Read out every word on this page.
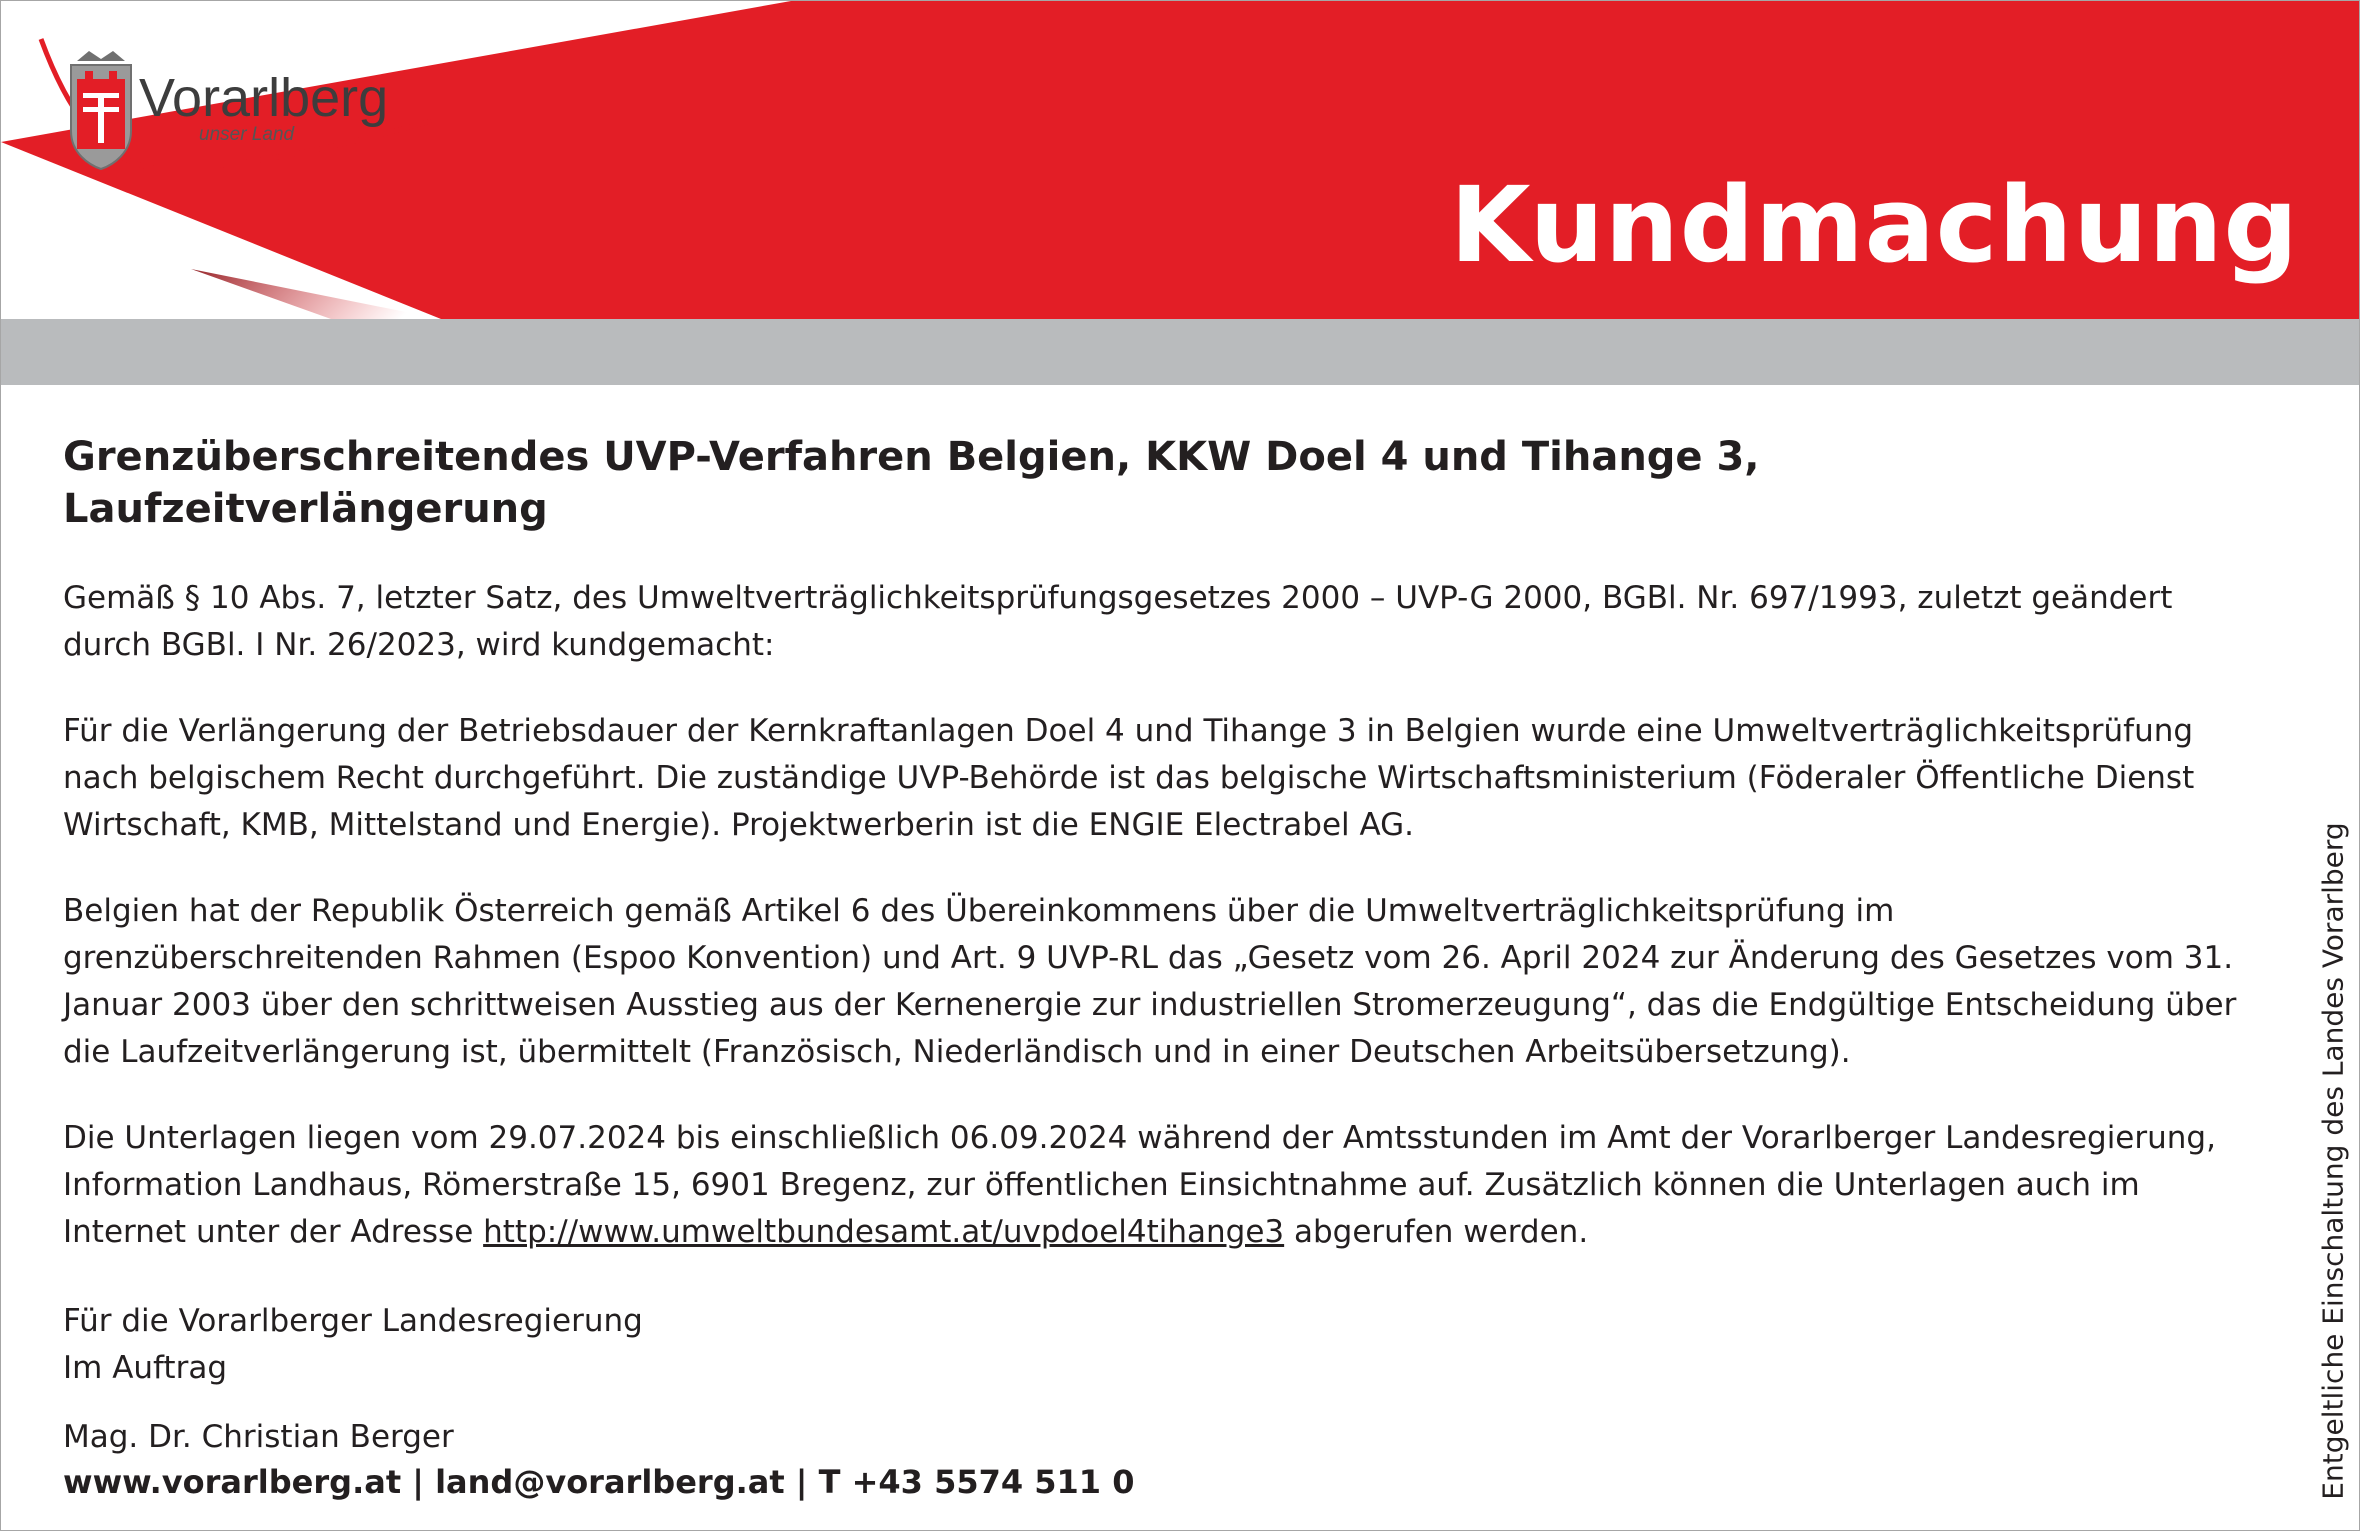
Vorarlberg
unser Land
Kundmachung
Grenzüberschreitendes UVP-Verfahren Belgien, KKW Doel 4 und Tihange 3, Laufzeitverlängerung

Gemäß § 10 Abs. 7, letzter Satz, des Umweltverträglichkeitsprüfungsgesetzes 2000 – UVP-G 2000, BGBl. Nr. 697/1993, zuletzt geändert durch BGBl. I Nr. 26/2023, wird kundgemacht:

Für die Verlängerung der Betriebsdauer der Kernkraftanlagen Doel 4 und Tihange 3 in Belgien wurde eine Umweltverträglichkeitsprüfung nach belgischem Recht durchgeführt. Die zuständige UVP-Behörde ist das belgische Wirtschaftsministerium (Föderaler Öffentliche Dienst Wirtschaft, KMB, Mittelstand und Energie). Projektwerberin ist die ENGIE Electrabel AG.

Belgien hat der Republik Österreich gemäß Artikel 6 des Übereinkommens über die Umweltverträglichkeitsprüfung im grenzüberschreitenden Rahmen (Espoo Konvention) und Art. 9 UVP-RL das „Gesetz vom 26. April 2024 zur Änderung des Gesetzes vom 31. Januar 2003 über den schrittweisen Ausstieg aus der Kernenergie zur industriellen Stromerzeugung“, das die Endgültige Entscheidung über die Laufzeitverlängerung ist, übermittelt (Französisch, Niederländisch und in einer Deutschen Arbeitsübersetzung).

Die Unterlagen liegen vom 29.07.2024 bis einschließlich 06.09.2024 während der Amtsstunden im Amt der Vorarlberger Landesregierung, Information Landhaus, Römerstraße 15, 6901 Bregenz, zur öffentlichen Einsichtnahme auf. Zusätzlich können die Unterlagen auch im Internet unter der Adresse http://www.umweltbundesamt.at/uvpdoel4tihange3 abgerufen werden.

Für die Vorarlberger Landesregierung

Im Auftrag

Mag. Dr. Christian Berger

www.vorarlberg.at | land@vorarlberg.at | T +43 5574 511 0	Entgeltliche Einschaltung des Landes Vorarlberg
